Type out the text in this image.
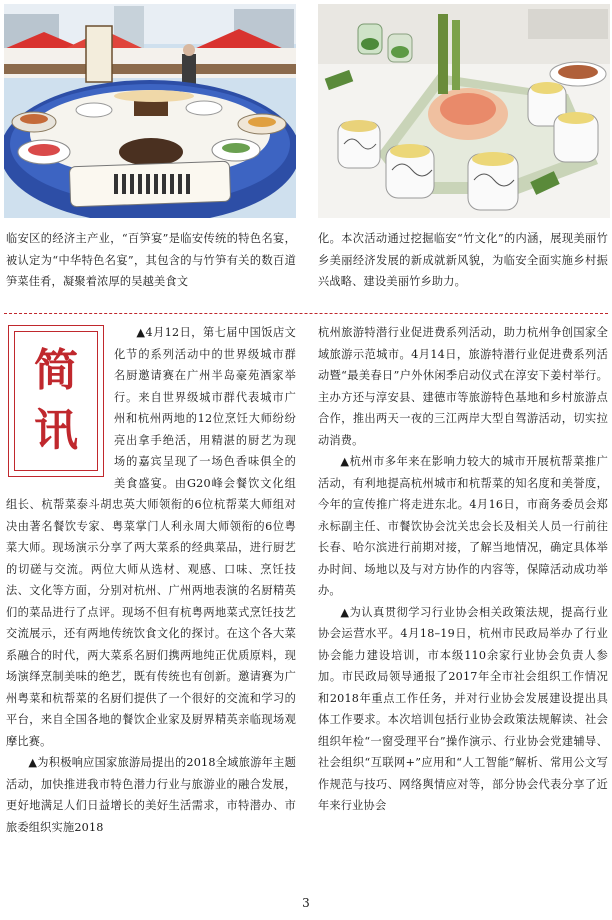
临安区的经济主产业，“百笋宴”是临安传统的特色名宴，被认定为“中华特色名宴”，其包含的与竹笋有关的数百道笋菜佳肴，凝聚着浓厚的吴越美食文

化。本次活动通过挖掘临安“竹文化”的内涵，展现美丽竹乡美丽经济发展的新成就新风貌，为临安全面实施乡村振兴战略、建设美丽竹乡助力。

简
讯

▲4月12日，第七届中国饭店文化节的系列活动中的世界级城市群名厨邀请赛在广州半岛豪苑酒家举行。来自世界级城市群代表城市广州和杭州两地的12位烹饪大师纷纷亮出拿手绝活，用精湛的厨艺为现场的嘉宾呈现了一场色香味俱全的美食盛宴。由G20峰会餐饮文化组组长、杭帮菜泰斗胡忠英大师领衔的6位杭帮菜大师组对决由著名餐饮专家、粤菜掌门人利永周大师领衔的6位粤菜大师。现场演示分享了两大菜系的经典菜品，进行厨艺的切磋与交流。两位大师从选材、观感、口味、烹饪技法、文化等方面，分别对杭州、广州两地表演的名厨精英们的菜品进行了点评。现场不但有杭粤两地菜式烹饪技艺交流展示，还有两地传统饮食文化的探讨。在这个各大菜系融合的时代，两大菜系名厨们携两地纯正优质原料，现场演绎烹制美味的绝艺，既有传统也有创新。邀请赛为广州粤菜和杭帮菜的名厨们提供了一个很好的交流和学习的平台，来自全国各地的餐饮企业家及厨界精英亲临现场观摩比赛。

▲为积极响应国家旅游局提出的2018全域旅游年主题活动，加快推进我市特色潜力行业与旅游业的融合发展，更好地满足人们日益增长的美好生活需求，市特潜办、市旅委组织实施2018

杭州旅游特潜行业促进费系列活动，助力杭州争创国家全域旅游示范城市。4月14日，旅游特潜行业促进费系列活动暨“最美春日”户外休闲季启动仪式在淳安下姜村举行。主办方还与淳安县、建德市等旅游特色基地和乡村旅游点合作，推出两天一夜的三江两岸大型自驾游活动，切实拉动消费。

▲杭州市多年来在影响力较大的城市开展杭帮菜推广活动，有利地提高杭州城市和杭帮菜的知名度和美誉度，今年的宣传推广将走进东北。4月16日，市商务委员会郑永标副主任、市餐饮协会沈关忠会长及相关人员一行前往长春、哈尔滨进行前期对接，了解当地情况，确定具体举办时间、场地以及与对方协作的内容等，保障活动成功举办。

▲为认真贯彻学习行业协会相关政策法规，提高行业协会运营水平。4月18–19日，杭州市民政局举办了行业协会能力建设培训，市本级110余家行业协会负责人参加。市民政局领导通报了2017年全市社会组织工作情况和2018年重点工作任务，并对行业协会发展建设提出具体工作要求。本次培训包括行业协会政策法规解读、社会组织年检“一窗受理平台”操作演示、行业协会党建辅导、社会组织“互联网+”应用和“人工智能”解析、常用公文写作规范与技巧、网络舆情应对等，部分协会代表分享了近年来行业协会

3
